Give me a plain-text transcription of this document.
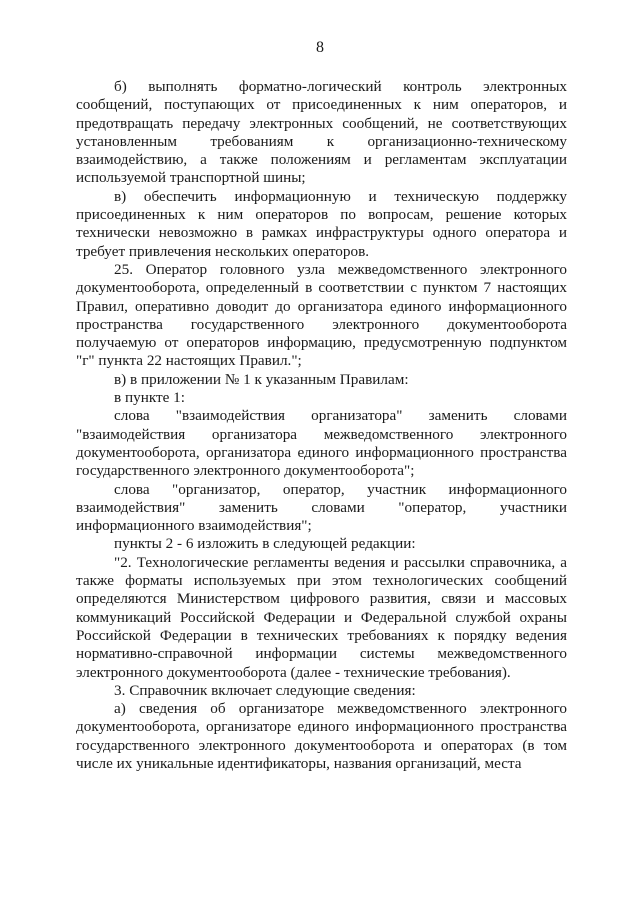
8

б) выполнять форматно-логический контроль электронных сообщений, поступающих от присоединенных к ним операторов, и предотвращать передачу электронных сообщений, не соответствующих установленным требованиям к организационно-техническому взаимодействию, а также положениям и регламентам эксплуатации используемой транспортной шины;

в) обеспечить информационную и техническую поддержку присоединенных к ним операторов по вопросам, решение которых технически невозможно в рамках инфраструктуры одного оператора и требует привлечения нескольких операторов.

25. Оператор головного узла межведомственного электронного документооборота, определенный в соответствии с пунктом 7 настоящих Правил, оперативно доводит до организатора единого информационного пространства государственного электронного документооборота получаемую от операторов информацию, предусмотренную подпунктом "г" пункта 22 настоящих Правил.";

в) в приложении № 1 к указанным Правилам:

в пункте 1:

слова "взаимодействия организатора" заменить словами "взаимодействия организатора межведомственного электронного документооборота, организатора единого информационного пространства государственного электронного документооборота";

слова "организатор, оператор, участник информационного взаимодействия" заменить словами "оператор, участники информационного взаимодействия";

пункты 2 - 6 изложить в следующей редакции:

"2. Технологические регламенты ведения и рассылки справочника, а также форматы используемых при этом технологических сообщений определяются Министерством цифрового развития, связи и массовых коммуникаций Российской Федерации и Федеральной службой охраны Российской Федерации в технических требованиях к порядку ведения нормативно-справочной информации системы межведомственного электронного документооборота (далее - технические требования).

3. Справочник включает следующие сведения:

а) сведения об организаторе межведомственного электронного документооборота, организаторе единого информационного пространства государственного электронного документооборота и операторах (в том числе их уникальные идентификаторы, названия организаций, места
